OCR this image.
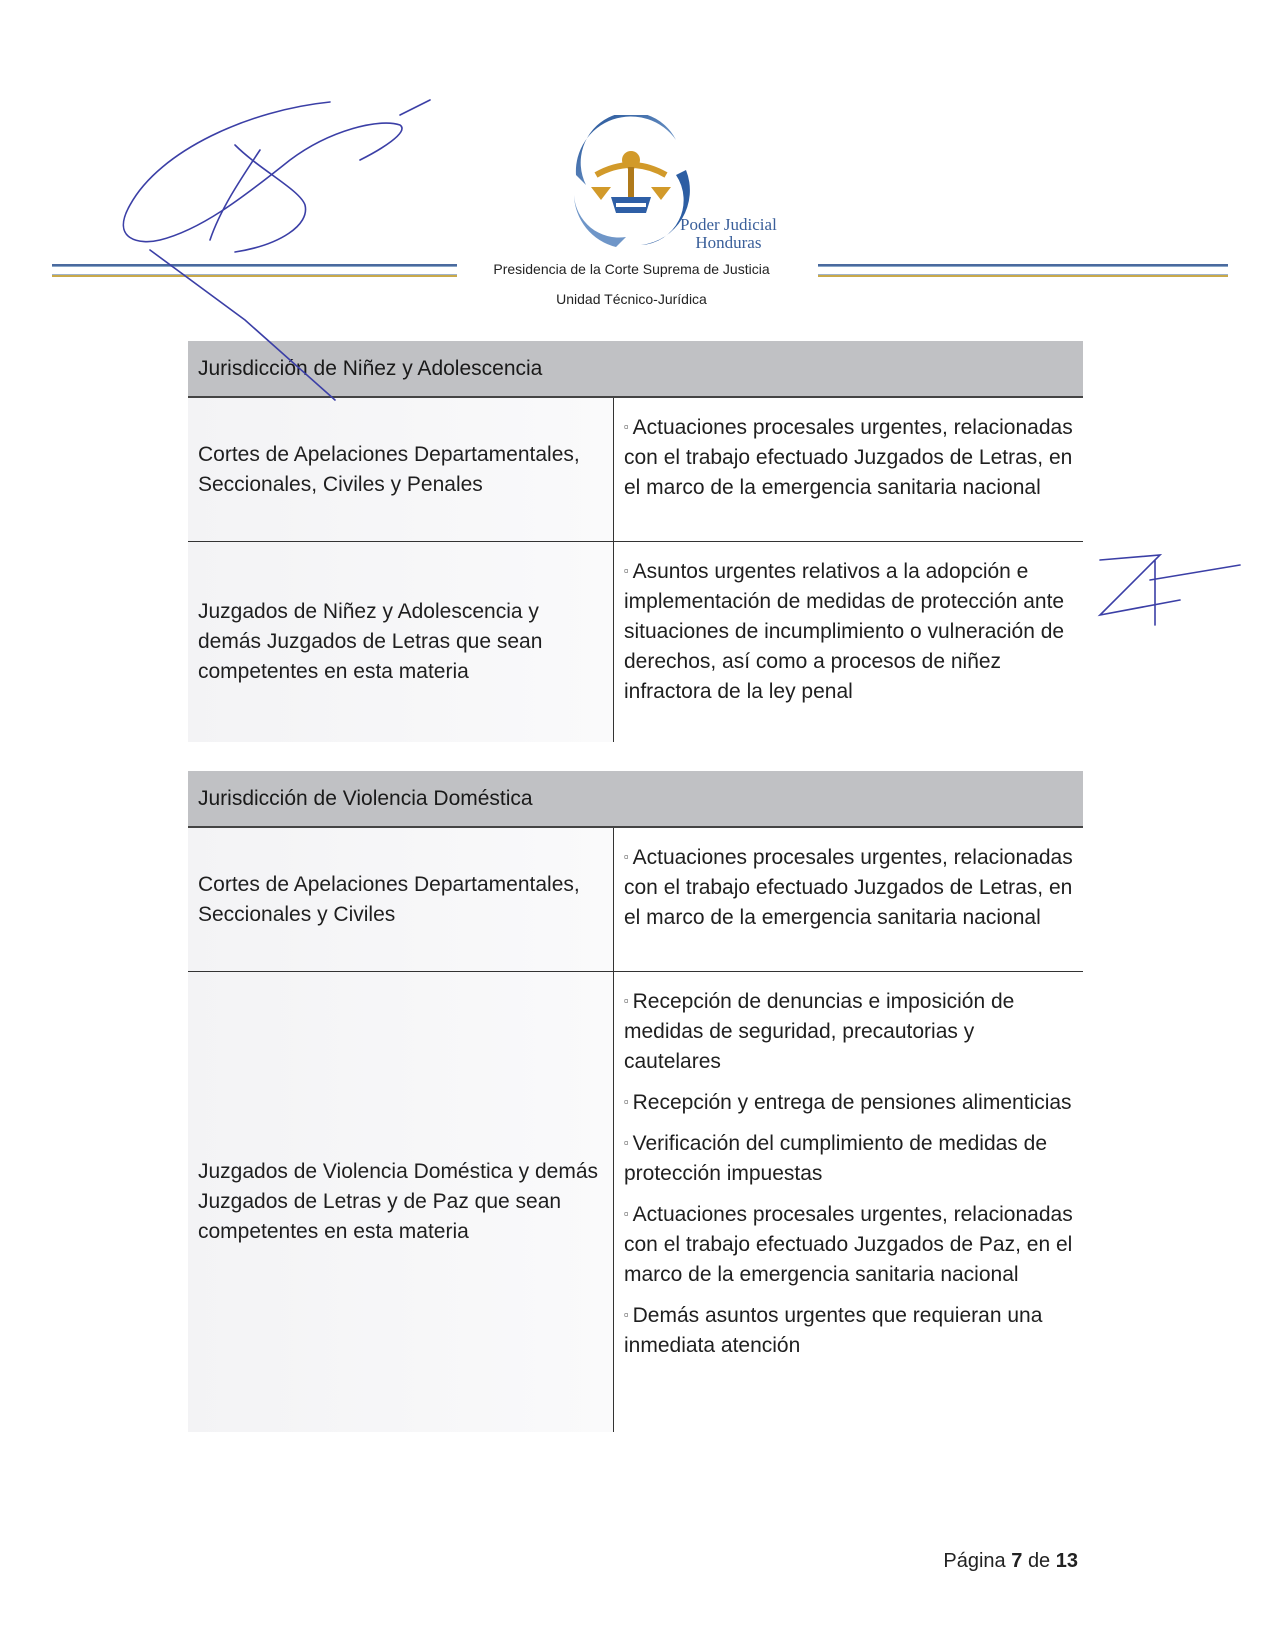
Poder Judicial
Honduras
Presidencia de la Corte Suprema de Justicia
Unidad Técnico-Jurídica
Jurisdicción de Niñez y Adolescencia
Cortes de Apelaciones Departamentales, Seccionales, Civiles y Penales

▫ Actuaciones procesales urgentes, relacionadas con el trabajo efectuado Juzgados de Letras, en el marco de la emergencia sanitaria nacional

Juzgados de Niñez y Adolescencia y demás Juzgados de Letras que sean competentes en esta materia

▫ Asuntos urgentes relativos a la adopción e implementación de medidas de protección ante situaciones de incumplimiento o vulneración de derechos, así como a procesos de niñez infractora de la ley penal

Jurisdicción de Violencia Doméstica
Cortes de Apelaciones Departamentales, Seccionales y Civiles

▫ Actuaciones procesales urgentes, relacionadas con el trabajo efectuado Juzgados de Letras, en el marco de la emergencia sanitaria nacional

Juzgados de Violencia Doméstica y demás Juzgados de Letras y de Paz que sean competentes en esta materia

▫ Recepción de denuncias e imposición de medidas de seguridad, precautorias y cautelares

▫ Recepción y entrega de pensiones alimenticias

▫ Verificación del cumplimiento de medidas de protección impuestas

▫ Actuaciones procesales urgentes, relacionadas con el trabajo efectuado Juzgados de Paz, en el marco de la emergencia sanitaria nacional

▫ Demás asuntos urgentes que requieran una inmediata atención

Página 7 de 13
